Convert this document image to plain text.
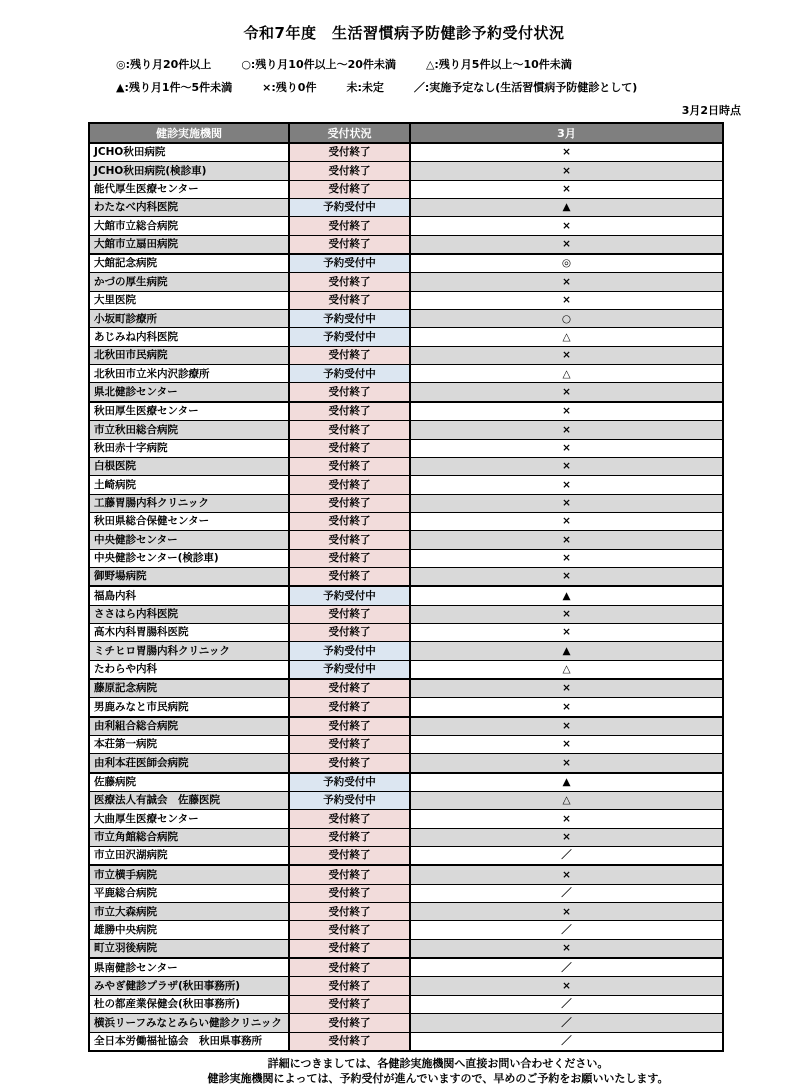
令和7年度　生活習慣病予防健診予約受付状況
◎:残り月20件以上	○:残り月10件以上～20件未満	△:残り月5件以上～10件未満
▲:残り月1件～5件未満	×:残り0件	未:未定	／:実施予定なし(生活習慣病予防健診として)
3月2日時点
健診実施機関	受付状況	3月
JCHO秋田病院	受付終了	×
JCHO秋田病院(検診車)	受付終了	×
能代厚生医療センター	受付終了	×
わたなべ内科医院	予約受付中	▲
大館市立総合病院	受付終了	×
大館市立扇田病院	受付終了	×
大館記念病院	予約受付中	◎
かづの厚生病院	受付終了	×
大里医院	受付終了	×
小坂町診療所	予約受付中	○
あじみね内科医院	予約受付中	△
北秋田市民病院	受付終了	×
北秋田市立米内沢診療所	予約受付中	△
県北健診センター	受付終了	×
秋田厚生医療センター	受付終了	×
市立秋田総合病院	受付終了	×
秋田赤十字病院	受付終了	×
白根医院	受付終了	×
土崎病院	受付終了	×
工藤胃腸内科クリニック	受付終了	×
秋田県総合保健センター	受付終了	×
中央健診センター	受付終了	×
中央健診センター(検診車)	受付終了	×
御野場病院	受付終了	×
福島内科	予約受付中	▲
ささはら内科医院	受付終了	×
高木内科胃腸科医院	受付終了	×
ミチヒロ胃腸内科クリニック	予約受付中	▲
たわらや内科	予約受付中	△
藤原記念病院	受付終了	×
男鹿みなと市民病院	受付終了	×
由利組合総合病院	受付終了	×
本荘第一病院	受付終了	×
由利本荘医師会病院	受付終了	×
佐藤病院	予約受付中	▲
医療法人有誠会　佐藤医院	予約受付中	△
大曲厚生医療センター	受付終了	×
市立角館総合病院	受付終了	×
市立田沢湖病院	受付終了	／
市立横手病院	受付終了	×
平鹿総合病院	受付終了	／
市立大森病院	受付終了	×
雄勝中央病院	受付終了	／
町立羽後病院	受付終了	×
県南健診センター	受付終了	／
みやぎ健診プラザ(秋田事務所)	受付終了	×
杜の都産業保健会(秋田事務所)	受付終了	／
横浜リーフみなとみらい健診クリニック	受付終了	／
全日本労働福祉協会　秋田県事務所	受付終了	／
詳細につきましては、各健診実施機関へ直接お問い合わせください。
健診実施機関によっては、予約受付が進んでいますので、早めのご予約をお願いいたします。
